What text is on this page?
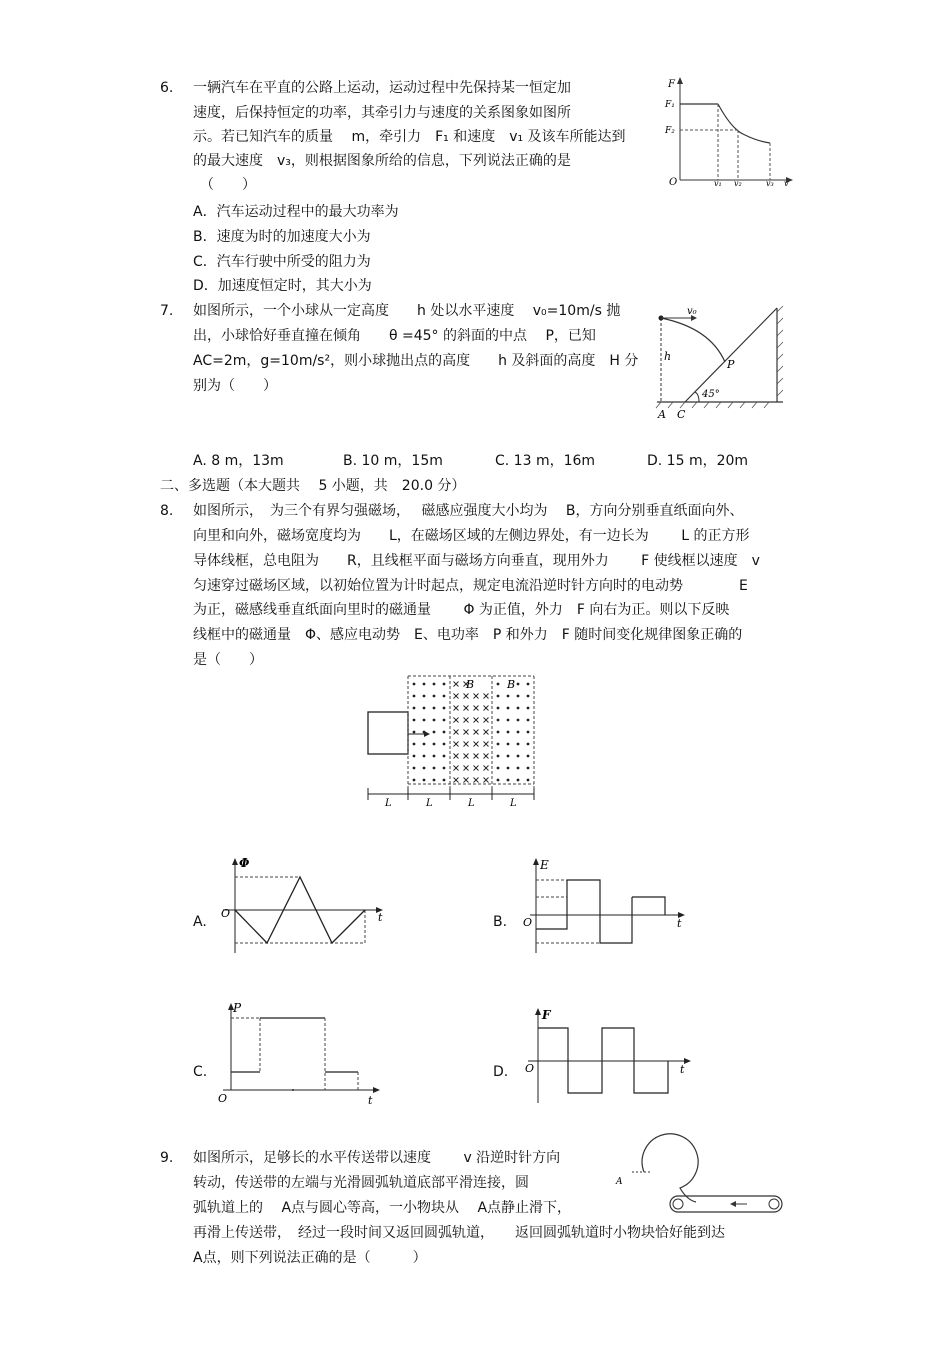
6. 一辆汽车在平直的公路上运动，运动过程中先保持某一恒定加
速度，后保持恒定的功率，其牵引力与速度的关系图象如图所
示。若已知汽车的质量　 m，牵引力　F₁ 和速度　v₁ 及该车所能达到
的最大速度　v₃，则根据图象所给的信息，下列说法正确的是
（　　）
A．汽车运动过程中的最大功率为
B．速度为时的加速度大小为
C．汽车行驶中所受的阻力为
D．加速度恒定时，其大小为
F
F₁
F₂
O	v₁ v₂	v₃ v
7. 如图所示，一个小球从一定高度　　h 处以水平速度　 v₀=10m/s 抛
出，小球恰好垂直撞在倾角　　θ =45° 的斜面的中点　 P，已知
AC=2m，g=10m/s²，则小球抛出点的高度　　h 及斜面的高度　H 分
别为（　　）
v₀
h
P
45°
A C
A. 8 m，13m	B. 10 m，15m	C. 13 m，16m	D. 15 m，20m
二、多选题（本大题共　 5 小题，共　20.0 分）
8. 如图所示，　为三个有界匀强磁场，　 磁感应强度大小均为　 B，方向分别垂直纸面向外、
向里和向外，磁场宽度均为　　L，在磁场区域的左侧边界处，有一边长为　　 L 的正方形
导体线框，总电阻为　　R，且线框平面与磁场方向垂直，现用外力　　 F 使线框以速度　v
匀速穿过磁场区域，以初始位置为计时起点，规定电流沿逆时针方向时的电动势　　　　E
为正，磁感线垂直纸面向里时的磁通量　　 Φ 为正值，外力　F 向右为正。则以下反映
线框中的磁通量　Φ、感应电动势　E、电功率　P 和外力　F 随时间变化规律图象正确的
是（　　）
B	B
L	L	L	L
A.
Φ
O	t	B.
E
O	t
C.
P
O	t
D.
F
O	t
9. 如图所示，足够长的水平传送带以速度　　 v 沿逆时针方向
转动，传送带的左端与光滑圆弧轨道底部平滑连接，圆
弧轨道上的　 A点与圆心等高，一小物块从　 A点静止滑下，
再滑上传送带，　经过一段时间又返回圆弧轨道，　　返回圆弧轨道时小物块恰好能到达
A点，则下列说法正确的是（　　　）
A
